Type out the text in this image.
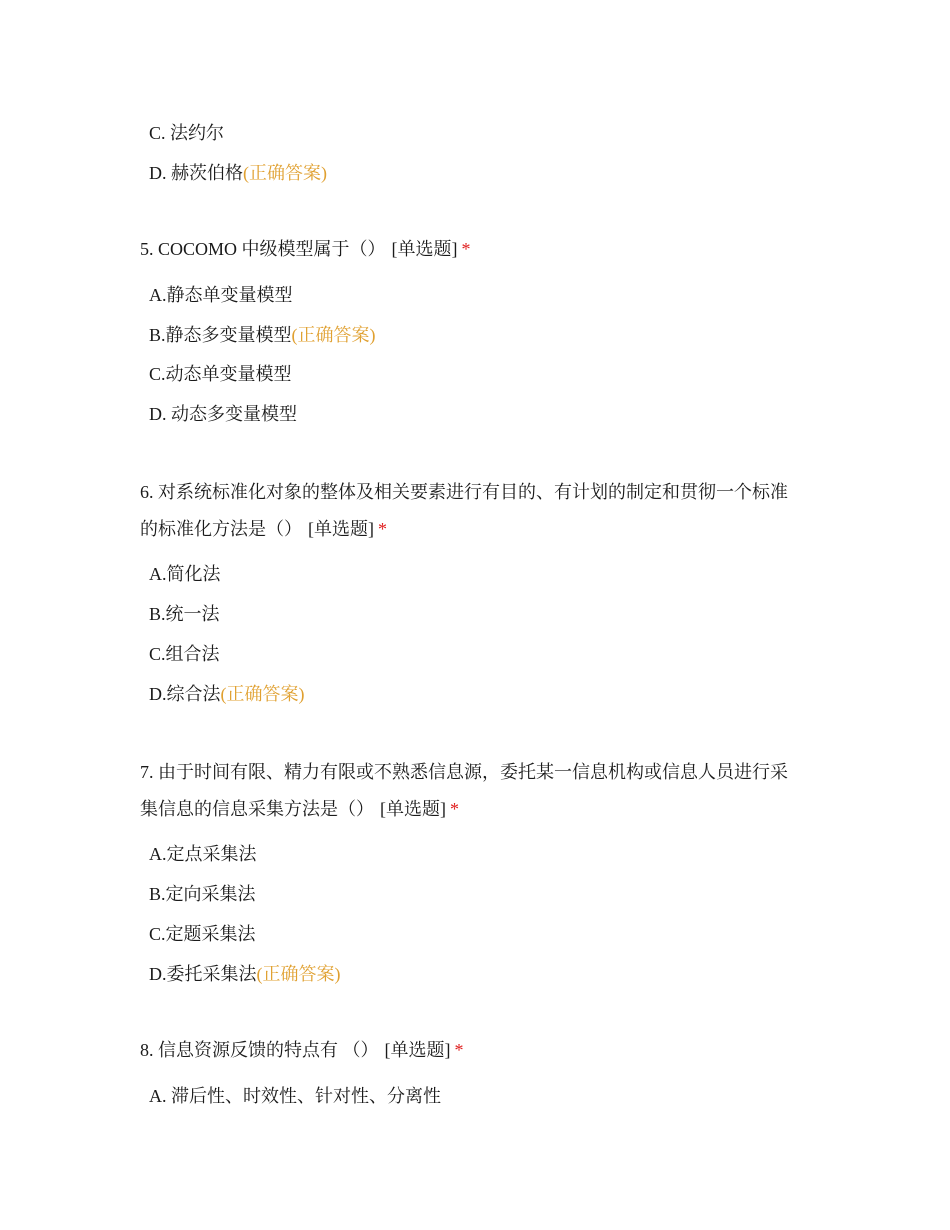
C. 法约尔
D. 赫茨伯格(正确答案)
5. COCOMO 中级模型属于（） [单选题] *
A.静态单变量模型
B.静态多变量模型(正确答案)
C.动态单变量模型
D. 动态多变量模型
6. 对系统标准化对象的整体及相关要素进行有目的、有计划的制定和贯彻一个标准
的标准化方法是（） [单选题] *
A.简化法
B.统一法
C.组合法
D.综合法(正确答案)
7. 由于时间有限、精力有限或不熟悉信息源，委托某一信息机构或信息人员进行采
集信息的信息采集方法是（） [单选题] *
A.定点采集法
B.定向采集法
C.定题采集法
D.委托采集法(正确答案)
8. 信息资源反馈的特点有 （） [单选题] *
A. 滞后性、时效性、针对性、分离性
